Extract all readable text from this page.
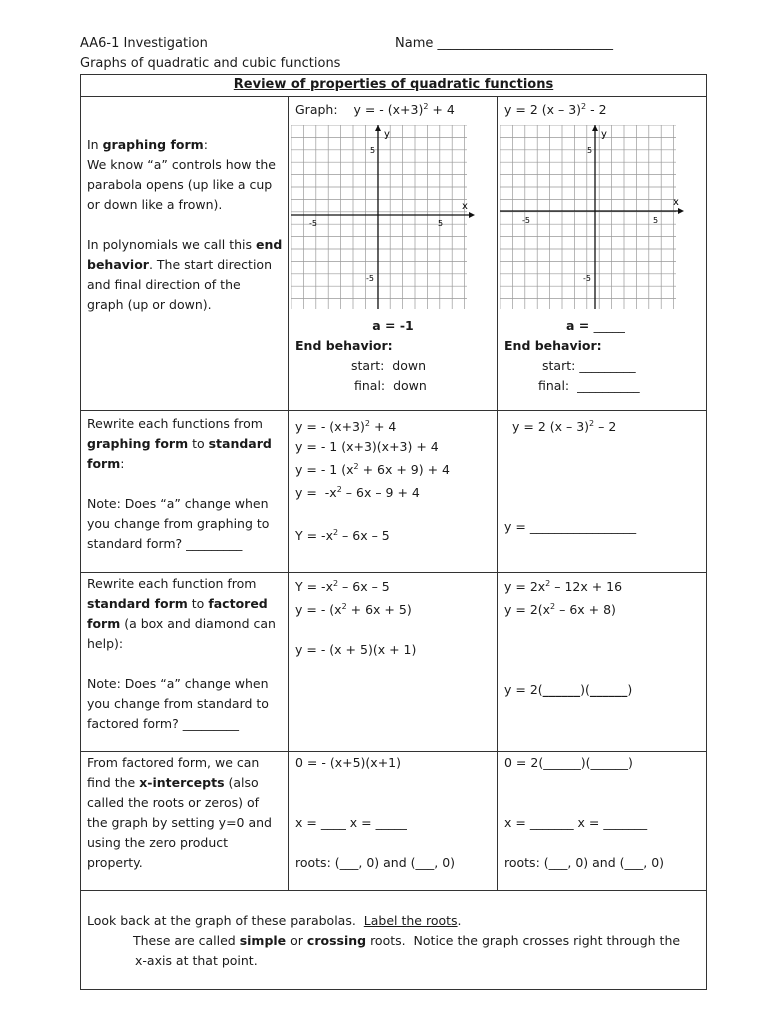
AA6-1 Investigation
Graphs of quadratic and cubic functions
Name ___________________________
Review of properties of quadratic functions
In graphing form:
We know “a” controls how the
parabola opens (up like a cup
or down like a frown).

In polynomials we call this end
behavior. The start direction
and final direction of the
graph (up or down).
Graph:    y = - $(x+3)^2 + 4$
y
x
5
-5
-5	5
a = -1
End behavior:
start: down
final: down
y = 2 (x – 3)$^2$ - 2
y
x
5
-5
-5	5
a = _____
End behavior:
start: _________
final: __________
Rewrite each functions from
graphing form to standard
form:

Note: Does “a” change when
you change from graphing to
standard form? _________
y = - $(x+3)^2 + 4$
y = - 1 (x+3)(x+3) + 4
y = - 1 $(x^2 + 6x + 9) + 4$
$y = -x^2 - 6x - 9 + 4$

$Y = -x^2 - 6x - 5$
y = 2 (x – 3)$^2$ – 2

y = _________________
Rewrite each function from
standard form to factored
form (a box and diamond can
help):

Note: Does “a” change when
you change from standard to
factored form? _________
$Y = -x^2 - 6x - 5$
y = - $(x^2 + 6x + 5)$

y = - (x + 5)(x + 1)
$y = 2x^2 - 12x + 16$
$y = 2(x^2 - 6x + 8)$

y = 2(______)(______)
From factored form, we can
find the x-intercepts (also
called the roots or zeros) of
the graph by setting y=0 and
using the zero product
property.
0 = - (x+5)(x+1)

x = ____ x = _____

roots: (___, 0) and (___, 0)
0 = 2(______)(______)

x = _______ x = _______

roots: (___, 0) and (___, 0)
Look back at the graph of these parabolas.  Label the roots.
These are called simple or crossing roots.  Notice the graph crosses right through the
x-axis at that point.
